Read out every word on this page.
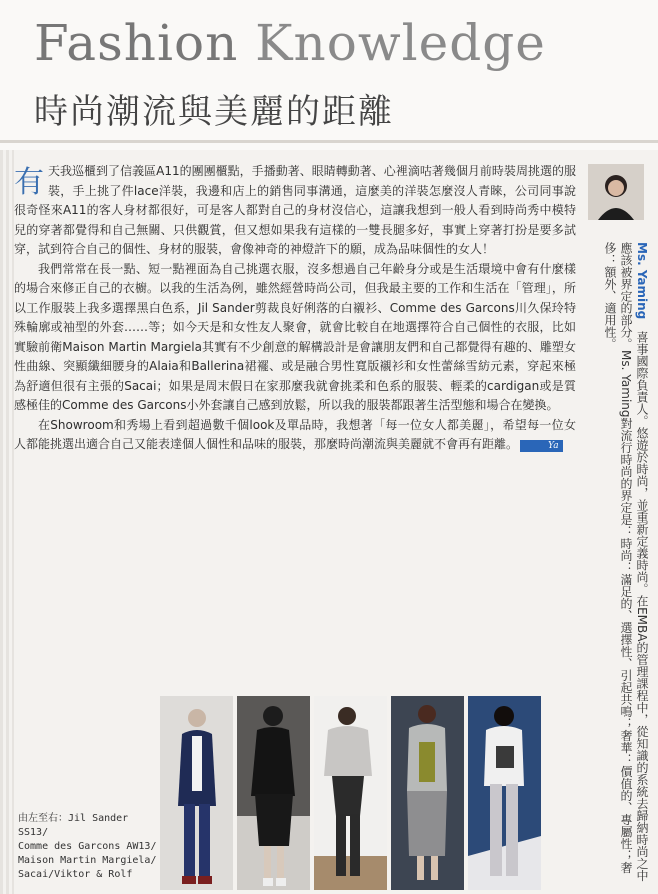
Fashion Knowledge
時尚潮流與美麗的距離

有天我巡櫃到了信義區A11的團團櫃點，手播動著、眼睛轉動著、心裡滴咕著幾個月前時裝周挑選的服裝，手上挑了件lace洋裝，我邊和店上的銷售同事溝通，這麼美的洋裝怎麼沒人青睞，公司同事說很奇怪來A11的客人身材都很好，可是客人都對自己的身材沒信心，這讓我想到一般人看到時尚秀中模特兒的穿著都覺得和自己無關、只供觀賞，但又想如果我有這樣的一雙長腿多好，事實上穿著打扮是要多試穿，試到符合自己的個性、身材的服裝，會像神奇的神燈許下的願，成為品味個性的女人！

我們常常在長一點、短一點裡面為自己挑選衣服，沒多想過自己年齡身分或是生活環境中會有什麼樣的場合來修正自己的衣櫥。以我的生活為例，雖然經營時尚公司，但我最主要的工作和生活在「管理」，所以工作服裝上我多選擇黑白色系，Jil Sander剪裁良好俐落的白襯衫、Comme des Garcons川久保玲特殊輪廓或袖型的外套……等；如今天是和女性友人聚會，就會比較自在地選擇符合自己個性的衣服，比如實驗前衛Maison Martin Margiela其實有不少創意的解構設計是會讓朋友們和自己都覺得有趣的、雕塑女性曲線、突顯纖細腰身的Alaia和Ballerina裙襬、或是融合男性寬版襯衫和女性蕾絲雪紡元素，穿起來極為舒適但很有主張的Sacai；如果是周末假日在家那麼我就會挑柔和色系的服裝、輕柔的cardigan或是質感極佳的Comme des Garcons小外套讓自己感到放鬆，所以我的服裝都跟著生活型態和場合在變換。

在Showroom和秀場上看到超過數千個look及單品時，我想著「每一位女人都美麗」，希望每一位女人都能挑選出適合自己又能表達個人個性和品味的服裝，那麼時尚潮流與美麗就不會再有距離。	Ya

由左至右：Jil Sander SS13/
Comme des Garcons AW13/
Maison Martin Margiela/
Sacai/Viktor & Rolf
Ms. Yaming 喜事國際負責人。悠遊於時尚，並重新定義時尚。在EMBA的管理課程中，從知識的系統去歸納時尚之中應該被界定的部分。Ms. Yaming對流行時尚的界定是：時尚：滿足的、選擇性、引起共鳴；奢華：價值的、專屬性；奢侈：額外、適用性。
